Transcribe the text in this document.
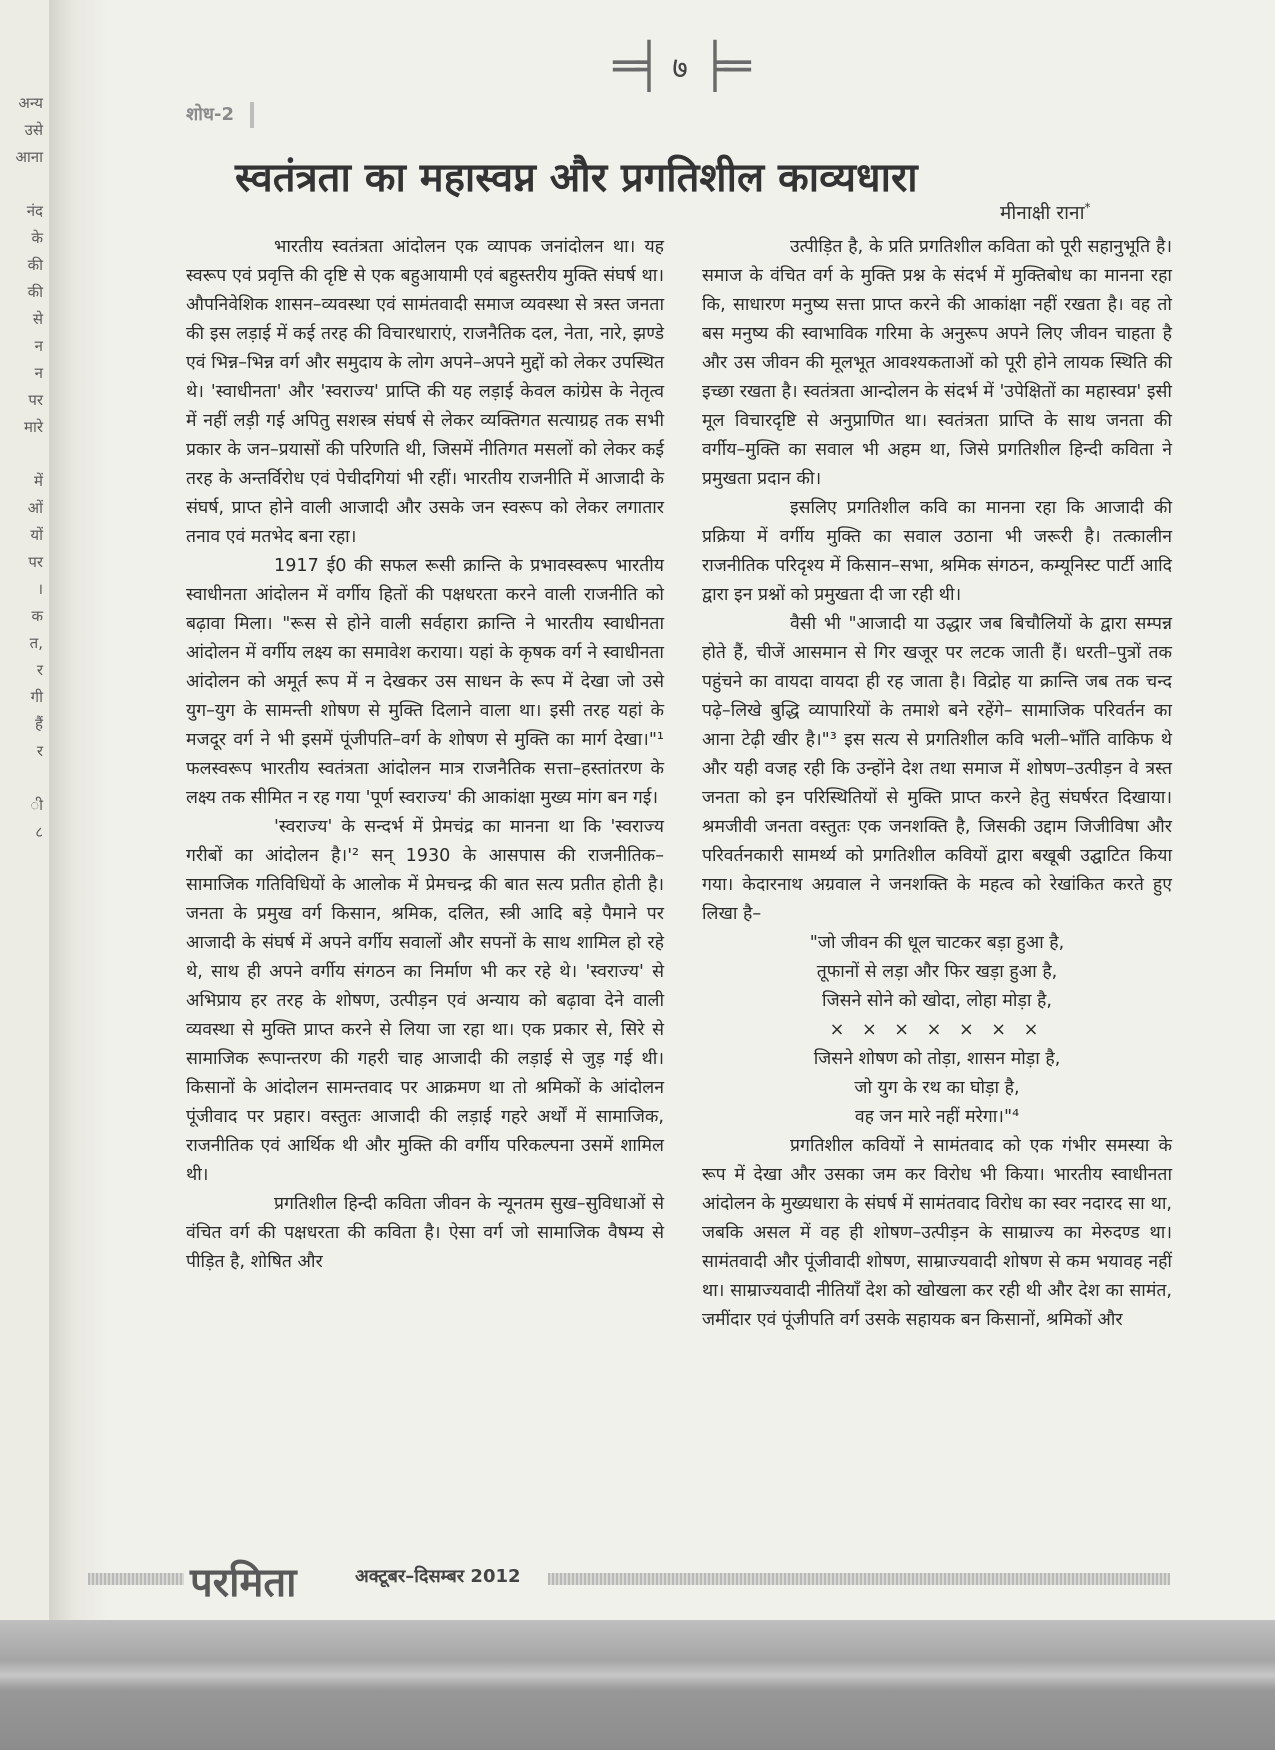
अन्य
उसे
आना
नंद
के
की
की
से
न
न
पर
मारे
में
ओं
यों
पर
।
क
त,
र
गी
हैं
र
ी
८
═╡ ७ ╞═
शोध-2
स्वतंत्रता का महास्वप्न और प्रगतिशील काव्यधारा
मीनाक्षी राना*

भारतीय स्वतंत्रता आंदोलन एक व्यापक जनांदोलन था। यह स्वरूप एवं प्रवृत्ति की दृष्टि से एक बहुआयामी एवं बहुस्तरीय मुक्ति संघर्ष था। औपनिवेशिक शासन–व्यवस्था एवं सामंतवादी समाज व्यवस्था से त्रस्त जनता की इस लड़ाई में कई तरह की विचारधाराएं, राजनैतिक दल, नेता, नारे, झण्डे एवं भिन्न–भिन्न वर्ग और समुदाय के लोग अपने–अपने मुद्दों को लेकर उपस्थित थे। 'स्वाधीनता' और 'स्वराज्य' प्राप्ति की यह लड़ाई केवल कांग्रेस के नेतृत्व में नहीं लड़ी गई अपितु सशस्त्र संघर्ष से लेकर व्यक्तिगत सत्याग्रह तक सभी प्रकार के जन–प्रयासों की परिणति थी, जिसमें नीतिगत मसलों को लेकर कई तरह के अन्तर्विरोध एवं पेचीदगियां भी रहीं। भारतीय राजनीति में आजादी के संघर्ष, प्राप्त होने वाली आजादी और उसके जन स्वरूप को लेकर लगातार तनाव एवं मतभेद बना रहा।

1917 ई0 की सफल रूसी क्रान्ति के प्रभावस्वरूप भारतीय स्वाधीनता आंदोलन में वर्गीय हितों की पक्षधरता करने वाली राजनीति को बढ़ावा मिला। "रूस से होने वाली सर्वहारा क्रान्ति ने भारतीय स्वाधीनता आंदोलन में वर्गीय लक्ष्य का समावेश कराया। यहां के कृषक वर्ग ने स्वाधीनता आंदोलन को अमूर्त रूप में न देखकर उस साधन के रूप में देखा जो उसे युग–युग के सामन्ती शोषण से मुक्ति दिलाने वाला था। इसी तरह यहां के मजदूर वर्ग ने भी इसमें पूंजीपति–वर्ग के शोषण से मुक्ति का मार्ग देखा।"¹ फलस्वरूप भारतीय स्वतंत्रता आंदोलन मात्र राजनैतिक सत्ता–हस्तांतरण के लक्ष्य तक सीमित न रह गया 'पूर्ण स्वराज्य' की आकांक्षा मुख्य मांग बन गई।

'स्वराज्य' के सन्दर्भ में प्रेमचंद्र का मानना था कि 'स्वराज्य गरीबों का आंदोलन है।'² सन् 1930 के आसपास की राजनीतिक–सामाजिक गतिविधियों के आलोक में प्रेमचन्द्र की बात सत्य प्रतीत होती है। जनता के प्रमुख वर्ग किसान, श्रमिक, दलित, स्त्री आदि बड़े पैमाने पर आजादी के संघर्ष में अपने वर्गीय सवालों और सपनों के साथ शामिल हो रहे थे, साथ ही अपने वर्गीय संगठन का निर्माण भी कर रहे थे। 'स्वराज्य' से अभिप्राय हर तरह के शोषण, उत्पीड़न एवं अन्याय को बढ़ावा देने वाली व्यवस्था से मुक्ति प्राप्त करने से लिया जा रहा था। एक प्रकार से, सिरे से सामाजिक रूपान्तरण की गहरी चाह आजादी की लड़ाई से जुड़ गई थी। किसानों के आंदोलन सामन्तवाद पर आक्रमण था तो श्रमिकों के आंदोलन पूंजीवाद पर प्रहार। वस्तुतः आजादी की लड़ाई गहरे अर्थों में सामाजिक, राजनीतिक एवं आर्थिक थी और मुक्ति की वर्गीय परिकल्पना उसमें शामिल थी।

प्रगतिशील हिन्दी कविता जीवन के न्यूनतम सुख–सुविधाओं से वंचित वर्ग की पक्षधरता की कविता है। ऐसा वर्ग जो सामाजिक वैषम्य से पीड़ित है, शोषित और

उत्पीड़ित है, के प्रति प्रगतिशील कविता को पूरी सहानुभूति है। समाज के वंचित वर्ग के मुक्ति प्रश्न के संदर्भ में मुक्तिबोध का मानना रहा कि, साधारण मनुष्य सत्ता प्राप्त करने की आकांक्षा नहीं रखता है। वह तो बस मनुष्य की स्वाभाविक गरिमा के अनुरूप अपने लिए जीवन चाहता है और उस जीवन की मूलभूत आवश्यकताओं को पूरी होने लायक स्थिति की इच्छा रखता है। स्वतंत्रता आन्दोलन के संदर्भ में 'उपेक्षितों का महास्वप्न' इसी मूल विचारदृष्टि से अनुप्राणित था। स्वतंत्रता प्राप्ति के साथ जनता की वर्गीय–मुक्ति का सवाल भी अहम था, जिसे प्रगतिशील हिन्दी कविता ने प्रमुखता प्रदान की।

इसलिए प्रगतिशील कवि का मानना रहा कि आजादी की प्रक्रिया में वर्गीय मुक्ति का सवाल उठाना भी जरूरी है। तत्कालीन राजनीतिक परिदृश्य में किसान–सभा, श्रमिक संगठन, कम्यूनिस्ट पार्टी आदि द्वारा इन प्रश्नों को प्रमुखता दी जा रही थी।

वैसी भी "आजादी या उद्धार जब बिचौलियों के द्वारा सम्पन्न होते हैं, चीजें आसमान से गिर खजूर पर लटक जाती हैं। धरती–पुत्रों तक पहुंचने का वायदा वायदा ही रह जाता है। विद्रोह या क्रान्ति जब तक चन्द पढ़े–लिखे बुद्धि व्यापारियों के तमाशे बने रहेंगे– सामाजिक परिवर्तन का आना टेढ़ी खीर है।"³ इस सत्य से प्रगतिशील कवि भली–भाँति वाकिफ थे और यही वजह रही कि उन्होंने देश तथा समाज में शोषण–उत्पीड़न वे त्रस्त जनता को इन परिस्थितियों से मुक्ति प्राप्त करने हेतु संघर्षरत दिखाया। श्रमजीवी जनता वस्तुतः एक जनशक्ति है, जिसकी उद्दाम जिजीविषा और परिवर्तनकारी सामर्थ्य को प्रगतिशील कवियों द्वारा बखूबी उद्घाटित किया गया। केदारनाथ अग्रवाल ने जनशक्ति के महत्व को रेखांकित करते हुए लिखा है–

"जो जीवन की धूल चाटकर बड़ा हुआ है,
तूफानों से लड़ा और फिर खड़ा हुआ है,
जिसने सोने को खोदा, लोहा मोड़ा है,
× × × × × × ×
जिसने शोषण को तोड़ा, शासन मोड़ा है,
जो युग के रथ का घोड़ा है,
वह जन मारे नहीं मरेगा।"⁴

प्रगतिशील कवियों ने सामंतवाद को एक गंभीर समस्या के रूप में देखा और उसका जम कर विरोध भी किया। भारतीय स्वाधीनता आंदोलन के मुख्यधारा के संघर्ष में सामंतवाद विरोध का स्वर नदारद सा था, जबकि असल में वह ही शोषण–उत्पीड़न के साम्राज्य का मेरुदण्ड था। सामंतवादी और पूंजीवादी शोषण, साम्राज्यवादी शोषण से कम भयावह नहीं था। साम्राज्यवादी नीतियाँ देश को खोखला कर रही थी और देश का सामंत, जमींदार एवं पूंजीपति वर्ग उसके सहायक बन किसानों, श्रमिकों और

परमिता	अक्टूबर–दिसम्बर 2012
